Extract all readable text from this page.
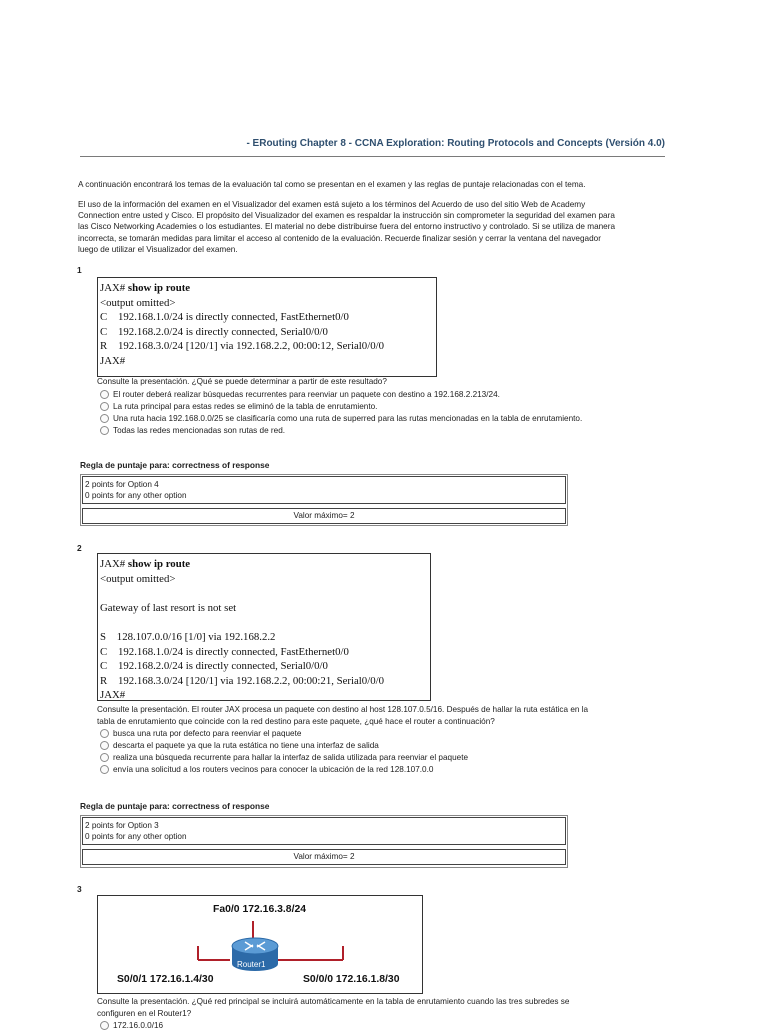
- ERouting Chapter 8 - CCNA Exploration: Routing Protocols and Concepts (Versión 4.0)
A continuación encontrará los temas de la evaluación tal como se presentan en el examen y las reglas de puntaje relacionadas con el tema.
El uso de la información del examen en el Visualizador del examen está sujeto a los términos del Acuerdo de uso del sitio Web de Academy
Connection entre usted y Cisco. El propósito del Visualizador del examen es respaldar la instrucción sin comprometer la seguridad del examen para
las Cisco Networking Academies o los estudiantes. El material no debe distribuirse fuera del entorno instructivo y controlado. Si se utiliza de manera
incorrecta, se tomarán medidas para limitar el acceso al contenido de la evaluación. Recuerde finalizar sesión y cerrar la ventana del navegador
luego de utilizar el Visualizador del examen.
1
JAX# show ip route
<output omitted>
C    192.168.1.0/24 is directly connected, FastEthernet0/0
C    192.168.2.0/24 is directly connected, Serial0/0/0
R    192.168.3.0/24 [120/1] via 192.168.2.2, 00:00:12, Serial0/0/0
JAX#
Consulte la presentación. ¿Qué se puede determinar a partir de este resultado?
El router deberá realizar búsquedas recurrentes para reenviar un paquete con destino a 192.168.2.213/24.
La ruta principal para estas redes se eliminó de la tabla de enrutamiento.
Una ruta hacia 192.168.0.0/25 se clasificaría como una ruta de superred para las rutas mencionadas en la tabla de enrutamiento.
Todas las redes mencionadas son rutas de red.
Regla de puntaje para: correctness of response
2 points for Option 4
0 points for any other option
Valor máximo= 2
2
JAX# show ip route
<output omitted>
Gateway of last resort is not set
S    128.107.0.0/16 [1/0] via 192.168.2.2
C    192.168.1.0/24 is directly connected, FastEthernet0/0
C    192.168.2.0/24 is directly connected, Serial0/0/0
R    192.168.3.0/24 [120/1] via 192.168.2.2, 00:00:21, Serial0/0/0
JAX#
Consulte la presentación. El router JAX procesa un paquete con destino al host 128.107.0.5/16. Después de hallar la ruta estática en la
tabla de enrutamiento que coincide con la red destino para este paquete, ¿qué hace el router a continuación?
busca una ruta por defecto para reenviar el paquete
descarta el paquete ya que la ruta estática no tiene una interfaz de salida
realiza una búsqueda recurrente para hallar la interfaz de salida utilizada para reenviar el paquete
envía una solicitud a los routers vecinos para conocer la ubicación de la red 128.107.0.0
Regla de puntaje para: correctness of response
2 points for Option 3
0 points for any other option
Valor máximo= 2
3
Fa0/0 172.16.3.8/24
Router1
S0/0/1 172.16.1.4/30	S0/0/0 172.16.1.8/30
Consulte la presentación. ¿Qué red principal se incluirá automáticamente en la tabla de enrutamiento cuando las tres subredes se
configuren en el Router1?
172.16.0.0/16
